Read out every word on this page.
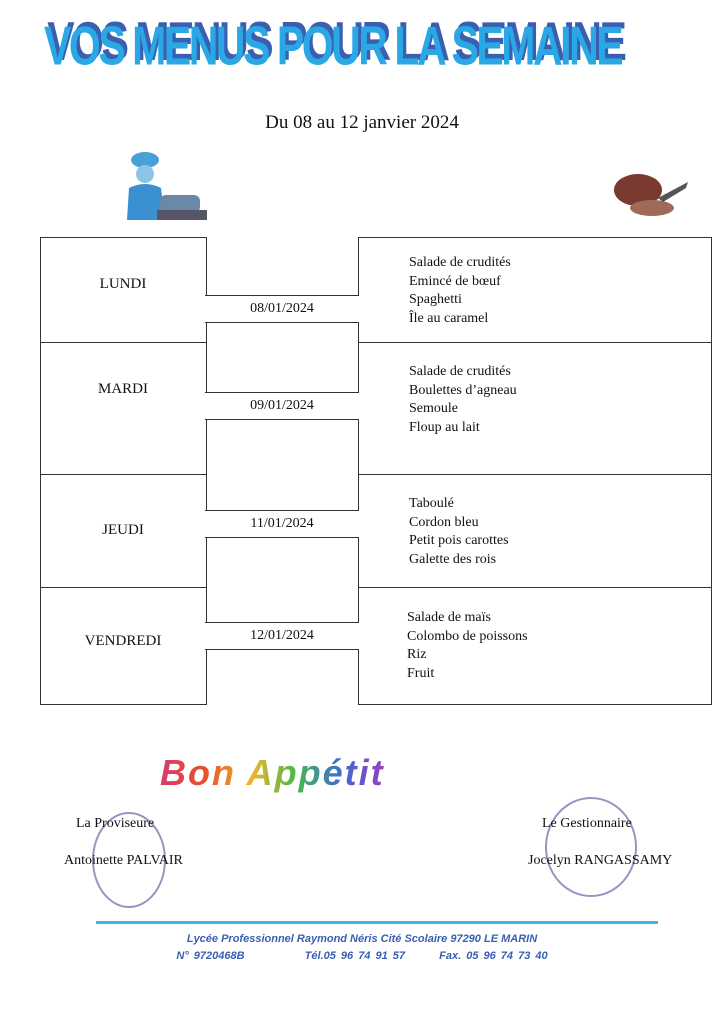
VOS MENUS POUR LA SEMAINE
Du 08 au 12 janvier 2024
LUNDI
MARDI
JEUDI
VENDREDI
08/01/2024
09/01/2024
11/01/2024
12/01/2024
Salade de crudités
Emincé de bœuf
Spaghetti
Île au caramel
Salade de crudités
Boulettes d’agneau
Semoule
Floup au lait
Taboulé
Cordon bleu
Petit pois carottes
Galette des rois
Salade de maïs
Colombo de poissons
Riz
Fruit
Bon Appétit
La Proviseure
Antoinette PALVAIR
Le Gestionnaire
Jocelyn RANGASSAMY
Lycée Professionnel Raymond Néris Cité Scolaire 97290 LE MARIN
N° 9720468B	Tél.05 96 74 91 57	Fax. 05 96 74 73 40
